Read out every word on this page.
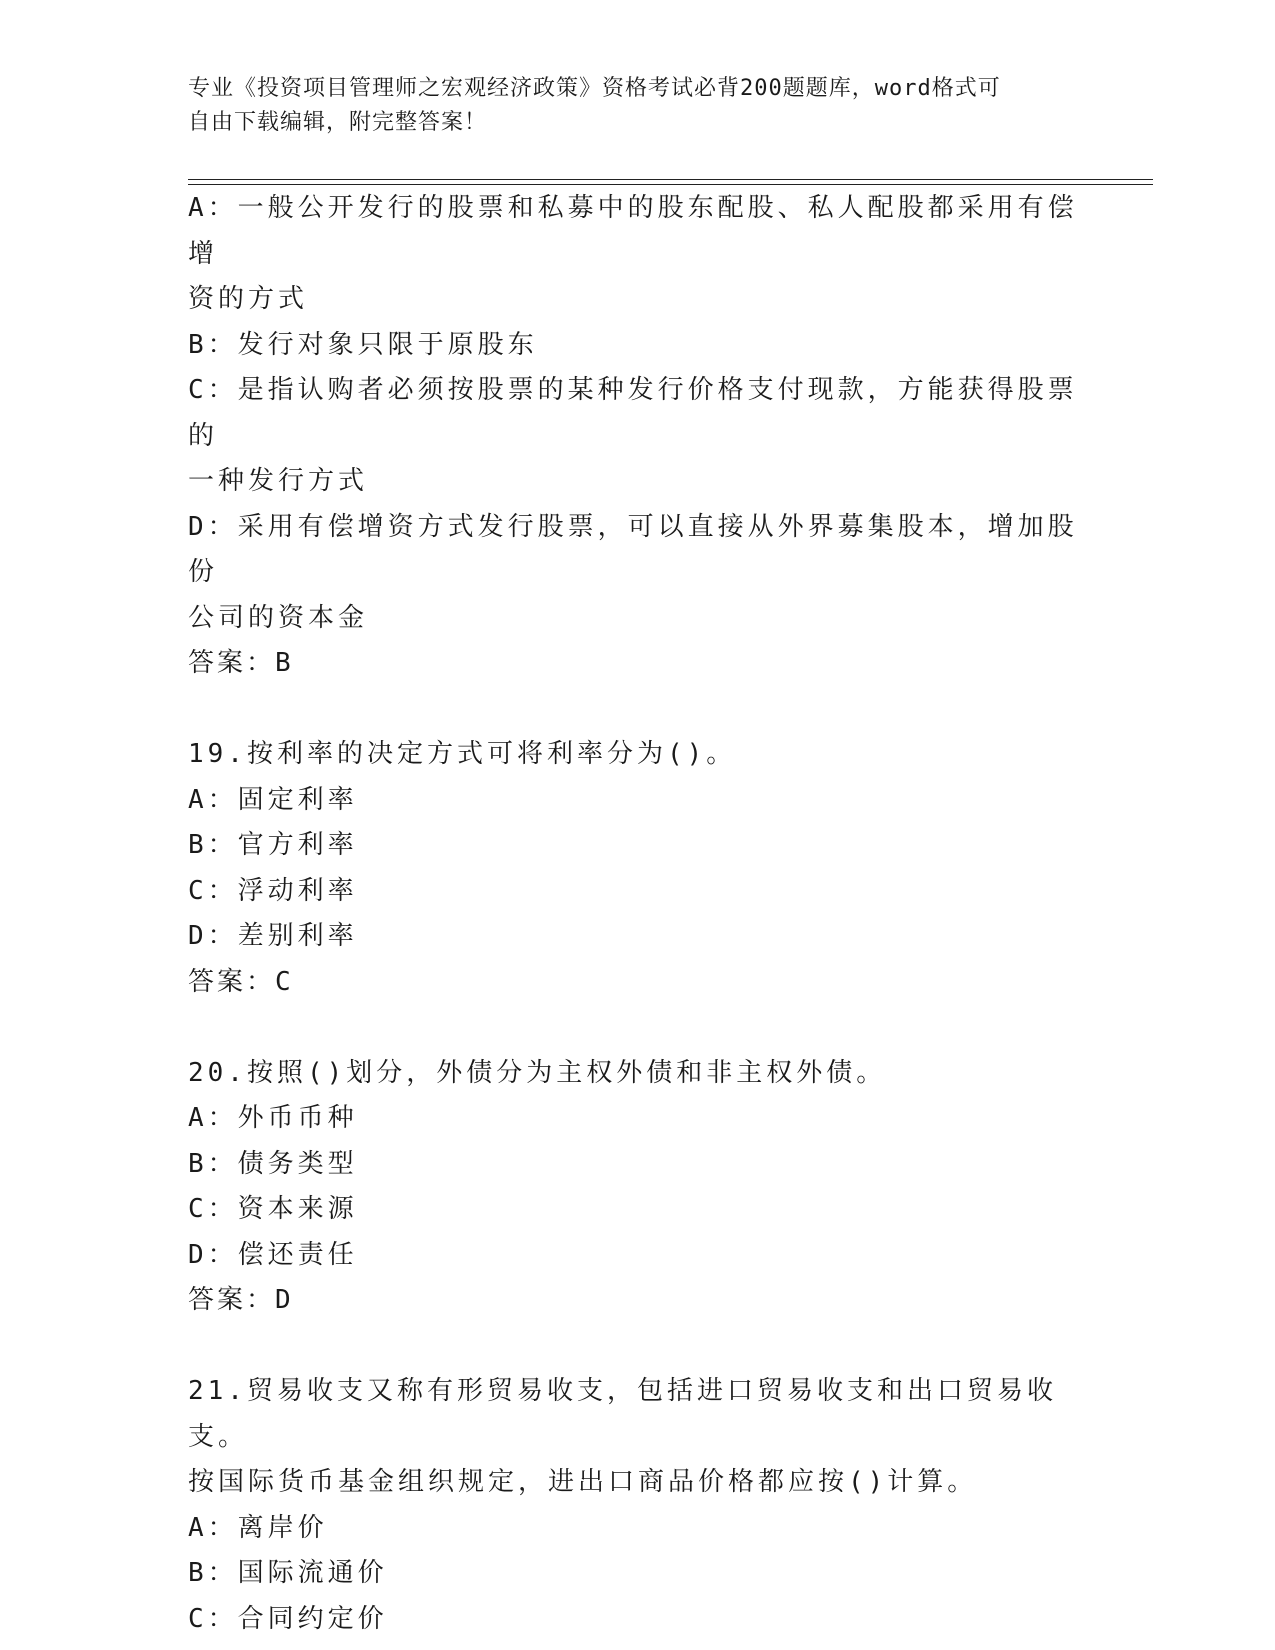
专业《投资项目管理师之宏观经济政策》资格考试必背200题题库，word格式可
自由下载编辑，附完整答案！
A：一般公开发行的股票和私募中的股东配股、私人配股都采用有偿增
资的方式
B：发行对象只限于原股东
C：是指认购者必须按股票的某种发行价格支付现款，方能获得股票的
一种发行方式
D：采用有偿增资方式发行股票，可以直接从外界募集股本，增加股份
公司的资本金
答案：B
19.按利率的决定方式可将利率分为()。
A：固定利率
B：官方利率
C：浮动利率
D：差别利率
答案：C
20.按照()划分，外债分为主权外债和非主权外债。
A：外币币种
B：债务类型
C：资本来源
D：偿还责任
答案：D
21.贸易收支又称有形贸易收支，包括进口贸易收支和出口贸易收支。
按国际货币基金组织规定，进出口商品价格都应按()计算。
A：离岸价
B：国际流通价
C：合同约定价
